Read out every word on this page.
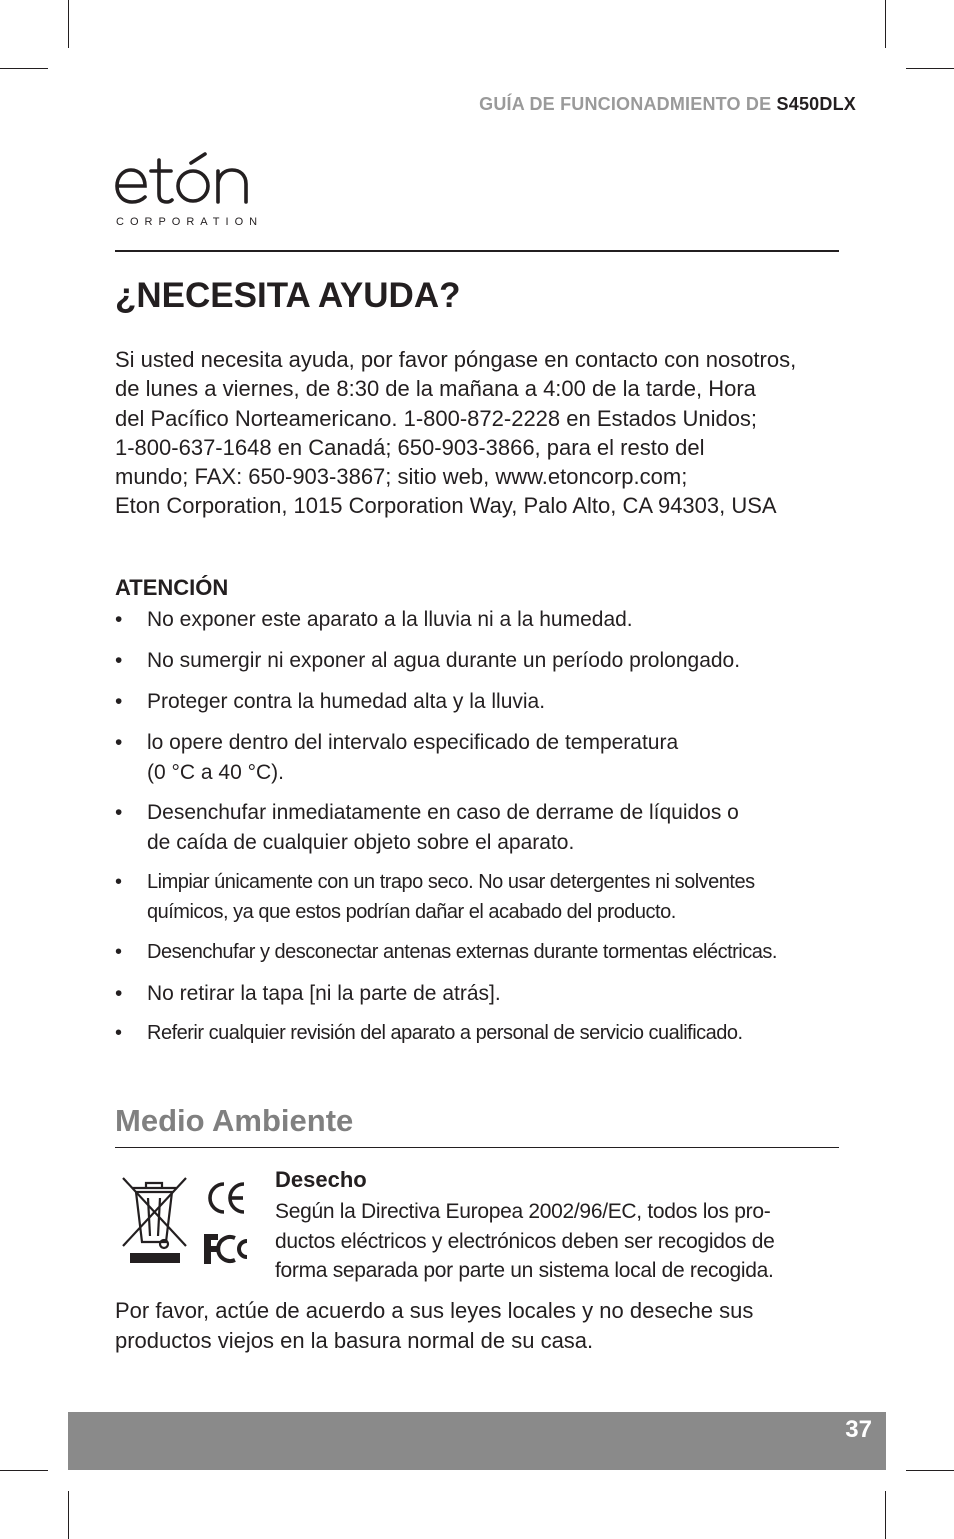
GUÍA DE FUNCIONADMIENTO DE S450DLX
CORPORATION
¿NECESITA AYUDA?

Si usted necesita ayuda, por favor póngase en contacto con nosotros,
de lunes a viernes, de 8:30 de la mañana a 4:00 de la tarde, Hora
del Pacífico Norteamericano. 1-800-872-2228 en Estados Unidos;
1-800-637-1648 en Canadá; 650-903-3866, para el resto del
mundo; FAX: 650-903-3867; sitio web, www.etoncorp.com;
Eton Corporation, 1015 Corporation Way, Palo Alto, CA 94303, USA

ATENCIÓN
• No exponer este aparato a la lluvia ni a la humedad.
• No sumergir ni exponer al agua durante un período prolongado.
• Proteger contra la humedad alta y la lluvia.
• lo opere dentro del intervalo especificado de temperatura
(0 °C a 40 °C).
• Desenchufar inmediatamente en caso de derrame de líquidos o
de caída de cualquier objeto sobre el aparato.
• Limpiar únicamente con un trapo seco. No usar detergentes ni solventes
químicos, ya que estos podrían dañar el acabado del producto.
• Desenchufar y desconectar antenas externas durante tormentas eléctricas.
• No retirar la tapa [ni la parte de atrás].
• Referir cualquier revisión del aparato a personal de servicio cualificado.
Medio Ambiente
Desecho

Según la Directiva Europea 2002/96/EC, todos los pro-
ductos eléctricos y electrónicos deben ser recogidos de
forma separada por parte un sistema local de recogida.

Por favor, actúe de acuerdo a sus leyes locales y no deseche sus
productos viejos en la basura normal de su casa.

37
